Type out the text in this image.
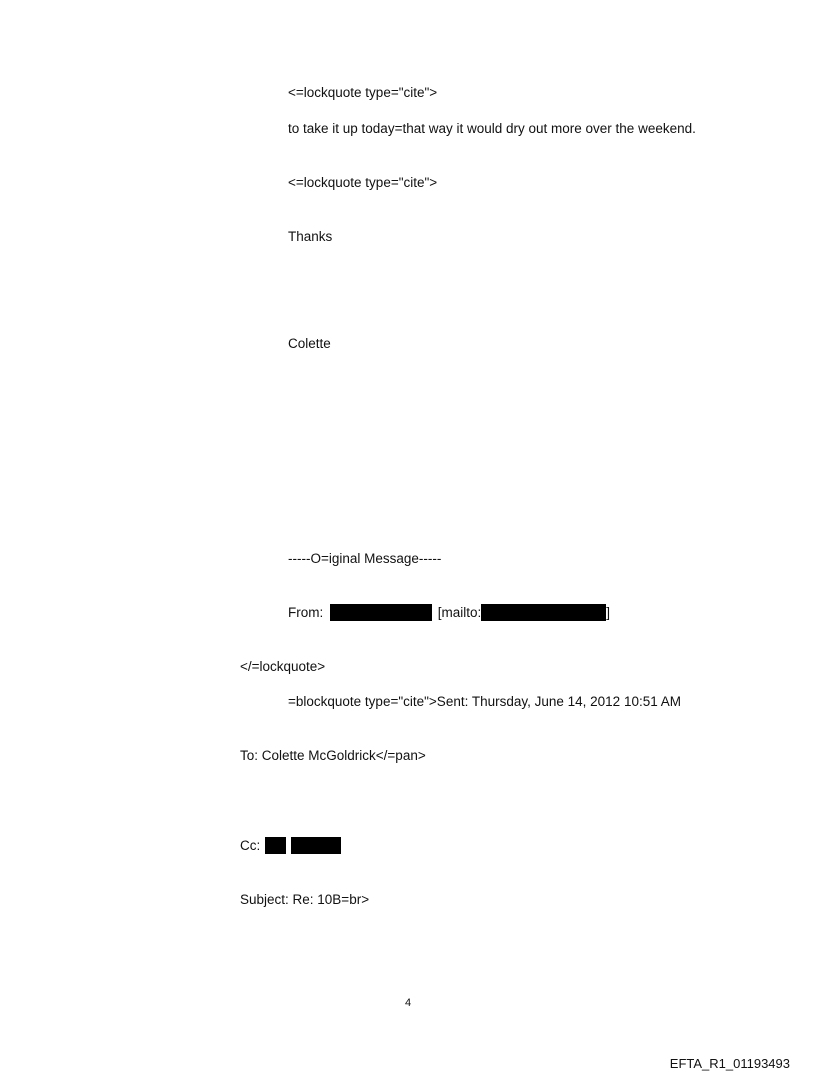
<=lockquote type="cite">
to take it up today=that way it would dry out more over the weekend.
<=lockquote type="cite">
Thanks
Colette
-----O=iginal Message-----
From:	[mailto:	]
</=lockquote>
=blockquote type="cite">Sent: Thursday, June 14, 2012 10:51 AM
To: Colette McGoldrick</=pan>
Cc:
Subject: Re: 10B=br>
4
EFTA_R1_01193493
